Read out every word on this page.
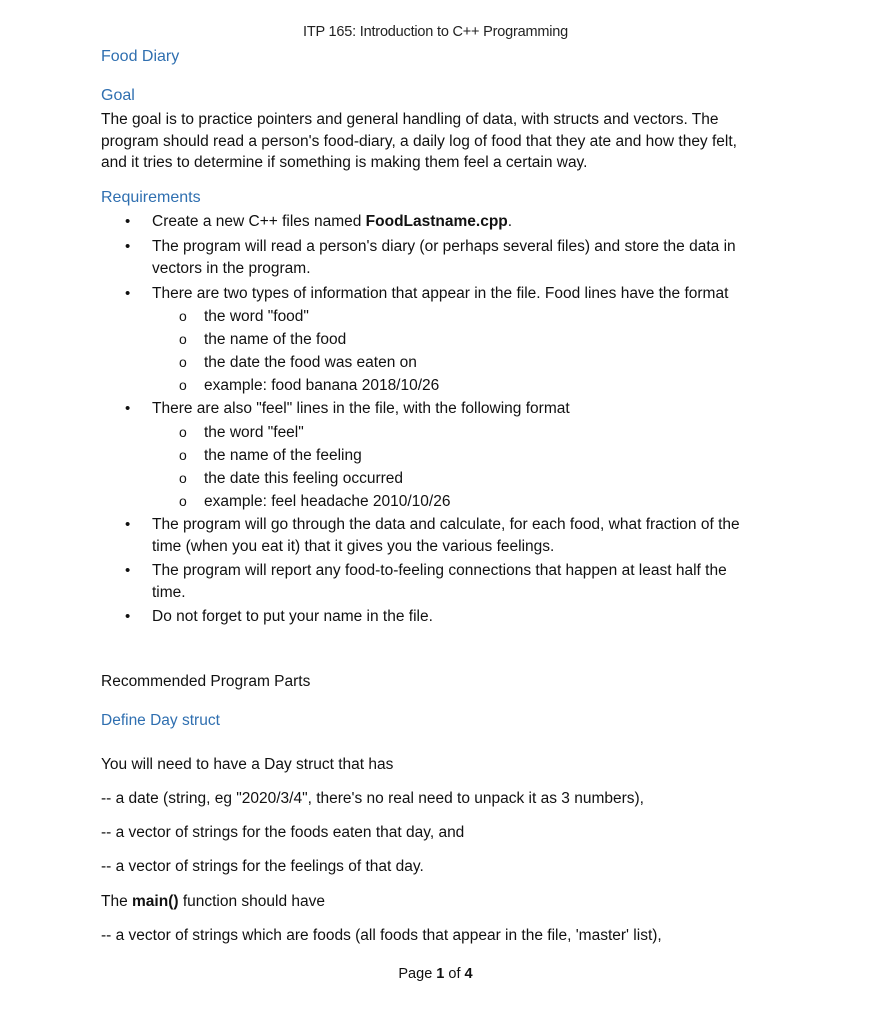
ITP 165: Introduction to C++ Programming
Food Diary
Goal
The goal is to practice pointers and general handling of data, with structs and vectors. The
program should read a person's food-diary, a daily log of food that they ate and how they felt,
and it tries to determine if something is making them feel a certain way.
Requirements
• Create a new C++ files named FoodLastname.cpp.
• The program will read a person's diary (or perhaps several files) and store the data in
vectors in the program.
• There are two types of information that appear in the file. Food lines have the format
o the word "food"
o the name of the food
o the date the food was eaten on
o example: food banana 2018/10/26
• There are also "feel" lines in the file, with the following format
o the word "feel"
o the name of the feeling
o the date this feeling occurred
o example: feel headache 2010/10/26
• The program will go through the data and calculate, for each food, what fraction of the
time (when you eat it) that it gives you the various feelings.
• The program will report any food-to-feeling connections that happen at least half the
time.
• Do not forget to put your name in the file.
Recommended Program Parts
Define Day struct
You will need to have a Day struct that has
-- a date (string, eg "2020/3/4", there's no real need to unpack it as 3 numbers),
-- a vector of strings for the foods eaten that day, and
-- a vector of strings for the feelings of that day.
The main() function should have
-- a vector of strings which are foods (all foods that appear in the file, 'master' list),
Page 1 of 4
